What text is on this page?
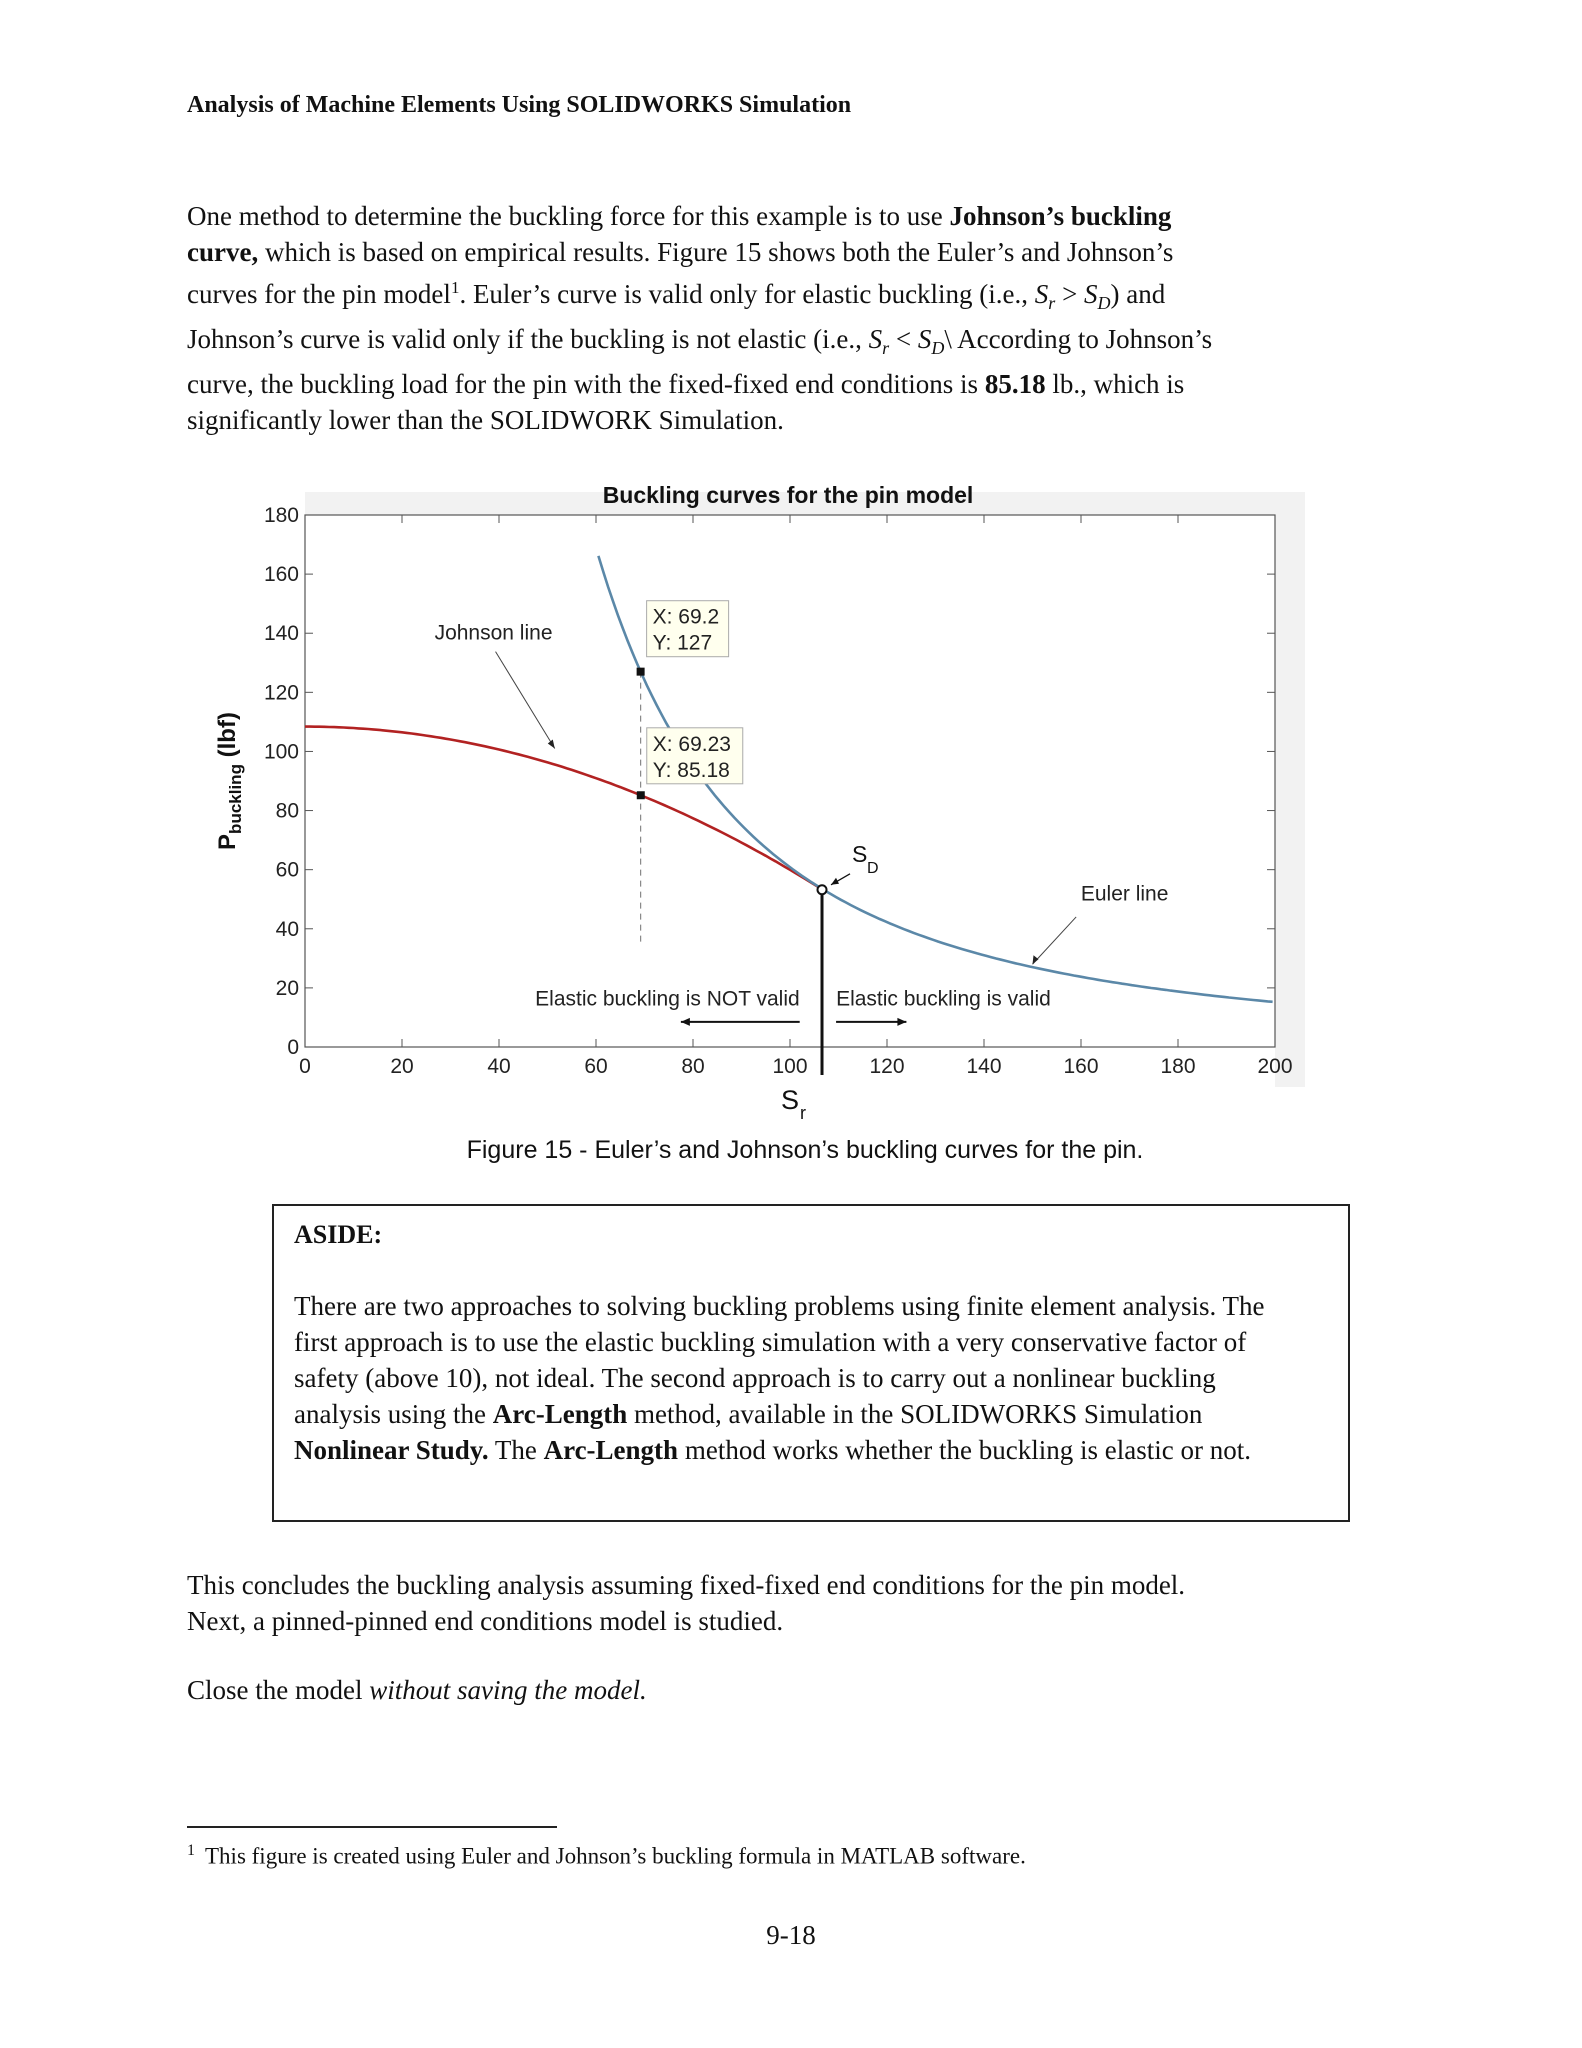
Analysis of Machine Elements Using SOLIDWORKS Simulation
One method to determine the buckling force for this example is to use Johnson’s buckling curve, which is based on empirical results. Figure 15 shows both the Euler’s and Johnson’s curves for the pin model$^1$. Euler’s curve is valid only for elastic buckling (i.e., $S_r > S_D$) and Johnson’s curve is valid only if the buckling is not elastic (i.e., $S_r$ < $S_D\backslash$ According to Johnson’s curve, the buckling load for the pin with the fixed-fixed end conditions is 85.18 lb., which is significantly lower than the SOLIDWORK Simulation.
0	20	40	60	80	100	120	140	160	180	200
0
20
40
60
80
100
120
140
160
180
S r
$P_{buckling}$ (lbf)
X: 69.2
Y: 127
X: 69.23
Y: 85.18
S
D
Johnson line
Euler line
Elastic buckling is NOT valid Elastic buckling is valid
Figure 15 - Euler’s and Johnson’s buckling curves for the pin.
Buckling curves for the pin model
ASIDE:
There are two approaches to solving buckling problems using finite element analysis. The first approach is to use the elastic buckling simulation with a very conservative factor of safety (above 10), not ideal. The second approach is to carry out a nonlinear buckling analysis using the Arc-Length method, available in the SOLIDWORKS Simulation Nonlinear Study. The Arc-Length method works whether the buckling is elastic or not.
This concludes the buckling analysis assuming fixed-fixed end conditions for the pin model. Next, a pinned-pinned end conditions model is studied.
Close the model without saving the model.
$^1$ This figure is created using Euler and Johnson’s buckling formula in MATLAB software.
9-18
